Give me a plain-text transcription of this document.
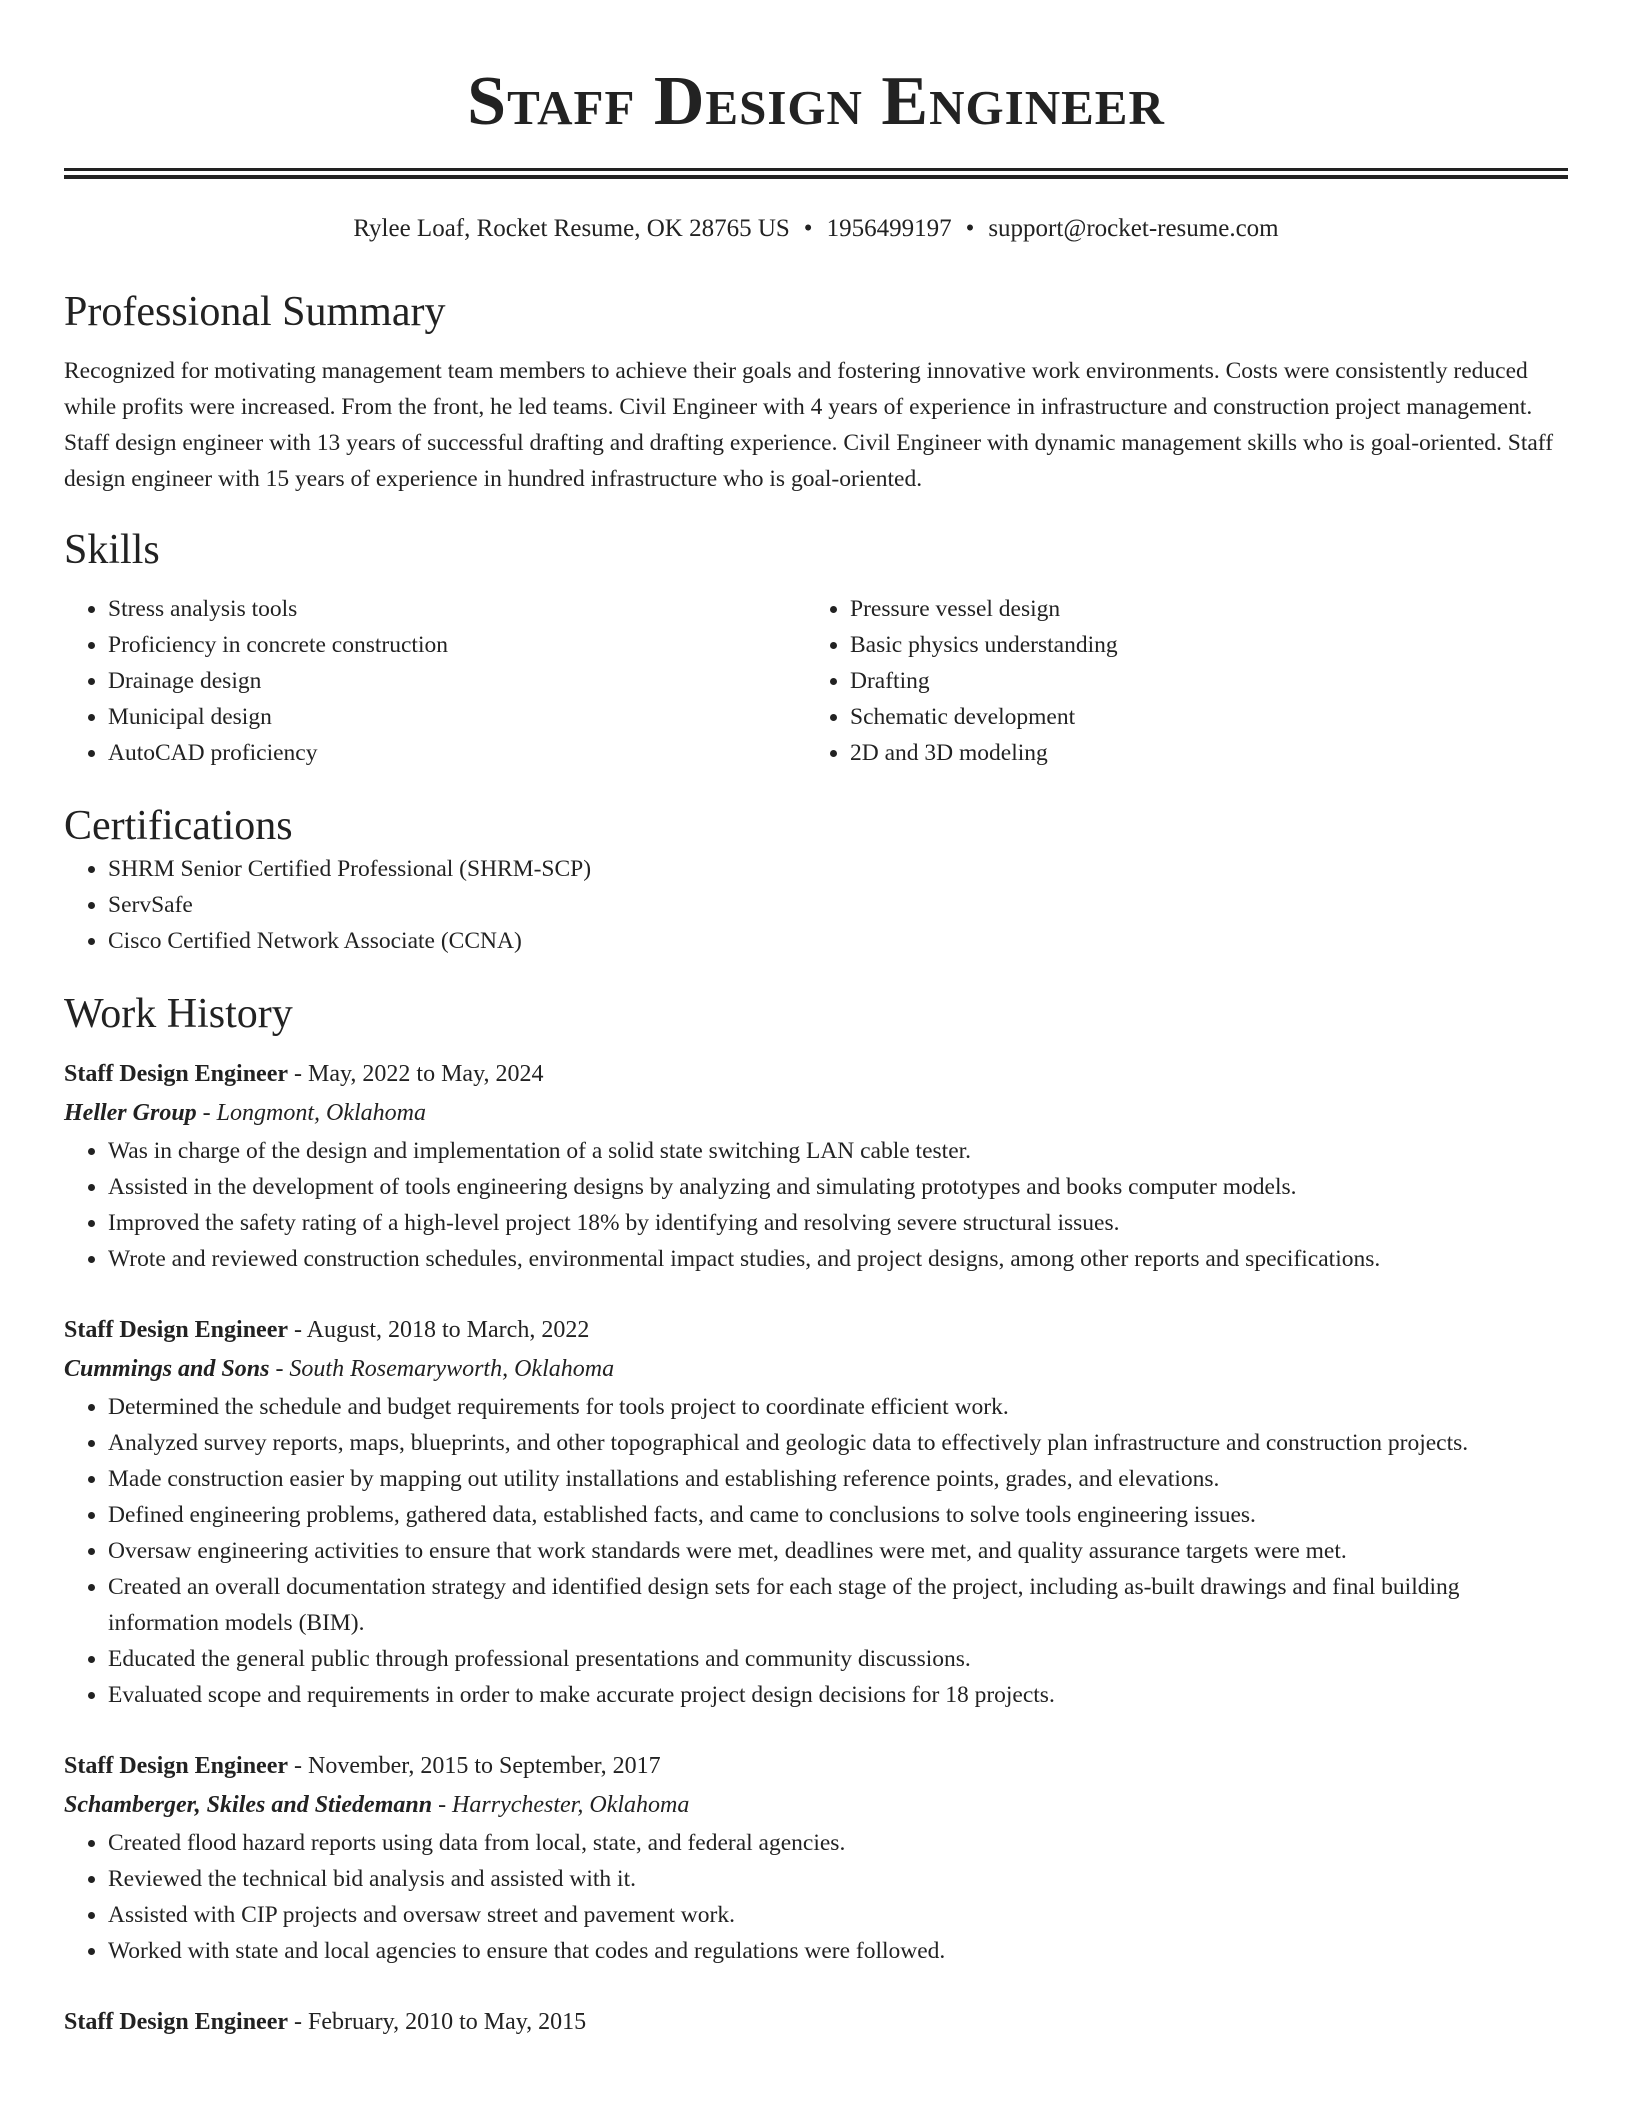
Staff Design Engineer
Rylee Loaf, Rocket Resume, OK 28765 US • 1956499197 • support@rocket-resume.com
Professional Summary

Recognized for motivating management team members to achieve their goals and fostering innovative work environments. Costs were consistently reduced while profits were increased. From the front, he led teams. Civil Engineer with 4 years of experience in infrastructure and construction project management. Staff design engineer with 13 years of successful drafting and drafting experience. Civil Engineer with dynamic management skills who is goal-oriented. Staff design engineer with 15 years of experience in hundred infrastructure who is goal-oriented.

Skills
• Stress analysis tools
• Proficiency in concrete construction
• Drainage design
• Municipal design
• AutoCAD proficiency
• Pressure vessel design
• Basic physics understanding
• Drafting
• Schematic development
• 2D and 3D modeling
Certifications
• SHRM Senior Certified Professional (SHRM-SCP)
• ServSafe
• Cisco Certified Network Associate (CCNA)
Work History
Staff Design Engineer - May, 2022 to May, 2024
Heller Group - Longmont, Oklahoma
• Was in charge of the design and implementation of a solid state switching LAN cable tester.
• Assisted in the development of tools engineering designs by analyzing and simulating prototypes and books computer models.
• Improved the safety rating of a high-level project 18% by identifying and resolving severe structural issues.
• Wrote and reviewed construction schedules, environmental impact studies, and project designs, among other reports and specifications.
Staff Design Engineer - August, 2018 to March, 2022
Cummings and Sons - South Rosemaryworth, Oklahoma
• Determined the schedule and budget requirements for tools project to coordinate efficient work.
• Analyzed survey reports, maps, blueprints, and other topographical and geologic data to effectively plan infrastructure and construction projects.
• Made construction easier by mapping out utility installations and establishing reference points, grades, and elevations.
• Defined engineering problems, gathered data, established facts, and came to conclusions to solve tools engineering issues.
• Oversaw engineering activities to ensure that work standards were met, deadlines were met, and quality assurance targets were met.
• Created an overall documentation strategy and identified design sets for each stage of the project, including as-built drawings and final building information models (BIM).
• Educated the general public through professional presentations and community discussions.
• Evaluated scope and requirements in order to make accurate project design decisions for 18 projects.
Staff Design Engineer - November, 2015 to September, 2017
Schamberger, Skiles and Stiedemann - Harrychester, Oklahoma
• Created flood hazard reports using data from local, state, and federal agencies.
• Reviewed the technical bid analysis and assisted with it.
• Assisted with CIP projects and oversaw street and pavement work.
• Worked with state and local agencies to ensure that codes and regulations were followed.
Staff Design Engineer - February, 2010 to May, 2015
